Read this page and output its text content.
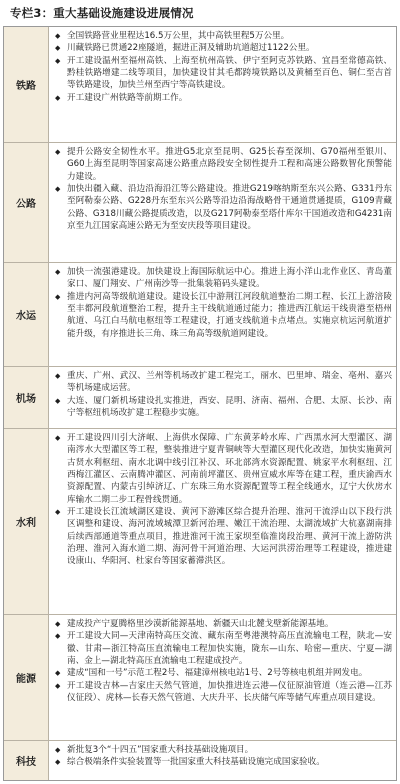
专栏3：重大基础设施建设进展情况
铁路
◆ 全国铁路营业里程达16.5万公里，其中高铁里程5万公里。
◆ 川藏铁路已贯通22座隧道，掘进正洞及辅助坑道超过1122公里。
◆ 开工建设温州至福州高铁、上海至杭州高铁、伊宁至阿克苏铁路、宜昌至常德高铁、黔桂铁路增建二线等项目，加快建设甘其毛都跨境铁路以及黄桶至百色、铜仁至吉首等铁路建设，加快兰州至西宁等高铁建设。
◆ 开工建设广州铁路等前期工作。
公路
◆ 提升公路安全韧性水平。推进G5北京至昆明、G25长春至深圳、G70福州至银川、G60上海至昆明等国家高速公路重点路段安全韧性提升工程和高速公路数智化预警能力建设。
◆ 加快出疆入藏、沿边沿海沿江等公路建设。推进G219喀纳斯至东兴公路、G331丹东至阿勒泰公路、G228丹东至东兴公路等沿边沿海战略骨干通道贯通提质，G109青藏公路、G318川藏公路提质改造，以及G217阿勒泰至塔什库尔干国道改造和G4231南京至九江国家高速公路无为至安庆段等项目建设。
水运
◆ 加快一流强港建设。加快建设上海国际航运中心。推进上海小洋山北作业区、青岛董家口、厦门翔安、广州南沙等一批集装箱码头建设。
◆ 推进内河高等级航道建设。建设长江中游荆江河段航道整治二期工程、长江上游涪陵至丰都河段航道整治工程，提升主干线航道通过能力；推进西江航运干线贵港至梧州航道、乌江白马航电枢纽等工程建设，打通支线航道卡点堵点。实施京杭运河航道扩能升级，有序推进长三角、珠三角高等级航道网建设。
机场
◆ 重庆、广州、武汉、兰州等机场改扩建工程完工，丽水、巴里坤、瑞金、亳州、嘉兴等机场建成运营。
◆ 大连、厦门新机场建设扎实推进，西安、昆明、济南、福州、合肥、太原、长沙、南宁等枢纽机场改扩建工程稳步实施。
水利
◆ 开工建设四川引大济岷、上海供水保障、广东黄茅岭水库、广西黑水河大型灌区、湖南涔水大型灌区等工程，整装推进宁夏青铜峡等大型灌区现代化改造，加快实施黄河古贤水利枢纽、南水北调中线引江补汉、环北部湾水资源配置、姚家平水利枢纽、江西梅江灌区、云南腾冲灌区、河南前坪灌区、贵州宣威水库等在建工程，重庆渝西水资源配置、内蒙古引绰济辽、广东珠三角水资源配置等工程全线通水，辽宁大伙房水库输水二期二步工程骨线贯通。
◆ 开工建设长江流域湖区建设、黄河下游滩区综合提升治理、淮河干流浮山以下段行洪区调整和建设、海河流域城潭卫新河治理、嫩江干流治理、太湖流域扩大杭嘉湖南排后续西部通道等重点项目，推进淮河干流王家坝至临淮岗段治理、黄河干流上游防洪治理、淮河入海水道二期、海河骨干河道治理、大运河洪涝治理等工程建设，推进建设康山、华阳河、杜家台等国家蓄滞洪区。
能源
◆ 建成投产宁夏腾格里沙漠新能源基地、新疆天山北麓戈壁新能源基地。
◆ 开工建设大同—天津南特高压交流、藏东南至粤港澳特高压直流输电工程，陕北—安徽、甘肃—浙江特高压直流输电工程加快实施，陇东—山东、哈密—重庆、宁夏—湖南、金上—湖北特高压直流输电工程建成投产。
◆ 建成“国和一号”示范工程2号、福建漳州核电站1号、2号等核电机组并网发电。
◆ 开工建设吉林—吉家庄天然气管道，加快推进连云港—仪征原油管道（连云港—江苏仪征段）、虎林—长春天然气管道、大庆升平、长庆储气库等储气库重点项目建设。
科技
◆ 新批复3个“十四五”国家重大科技基础设施项目。
◆ 综合极端条件实验装置等一批国家重大科技基础设施完成国家验收。
